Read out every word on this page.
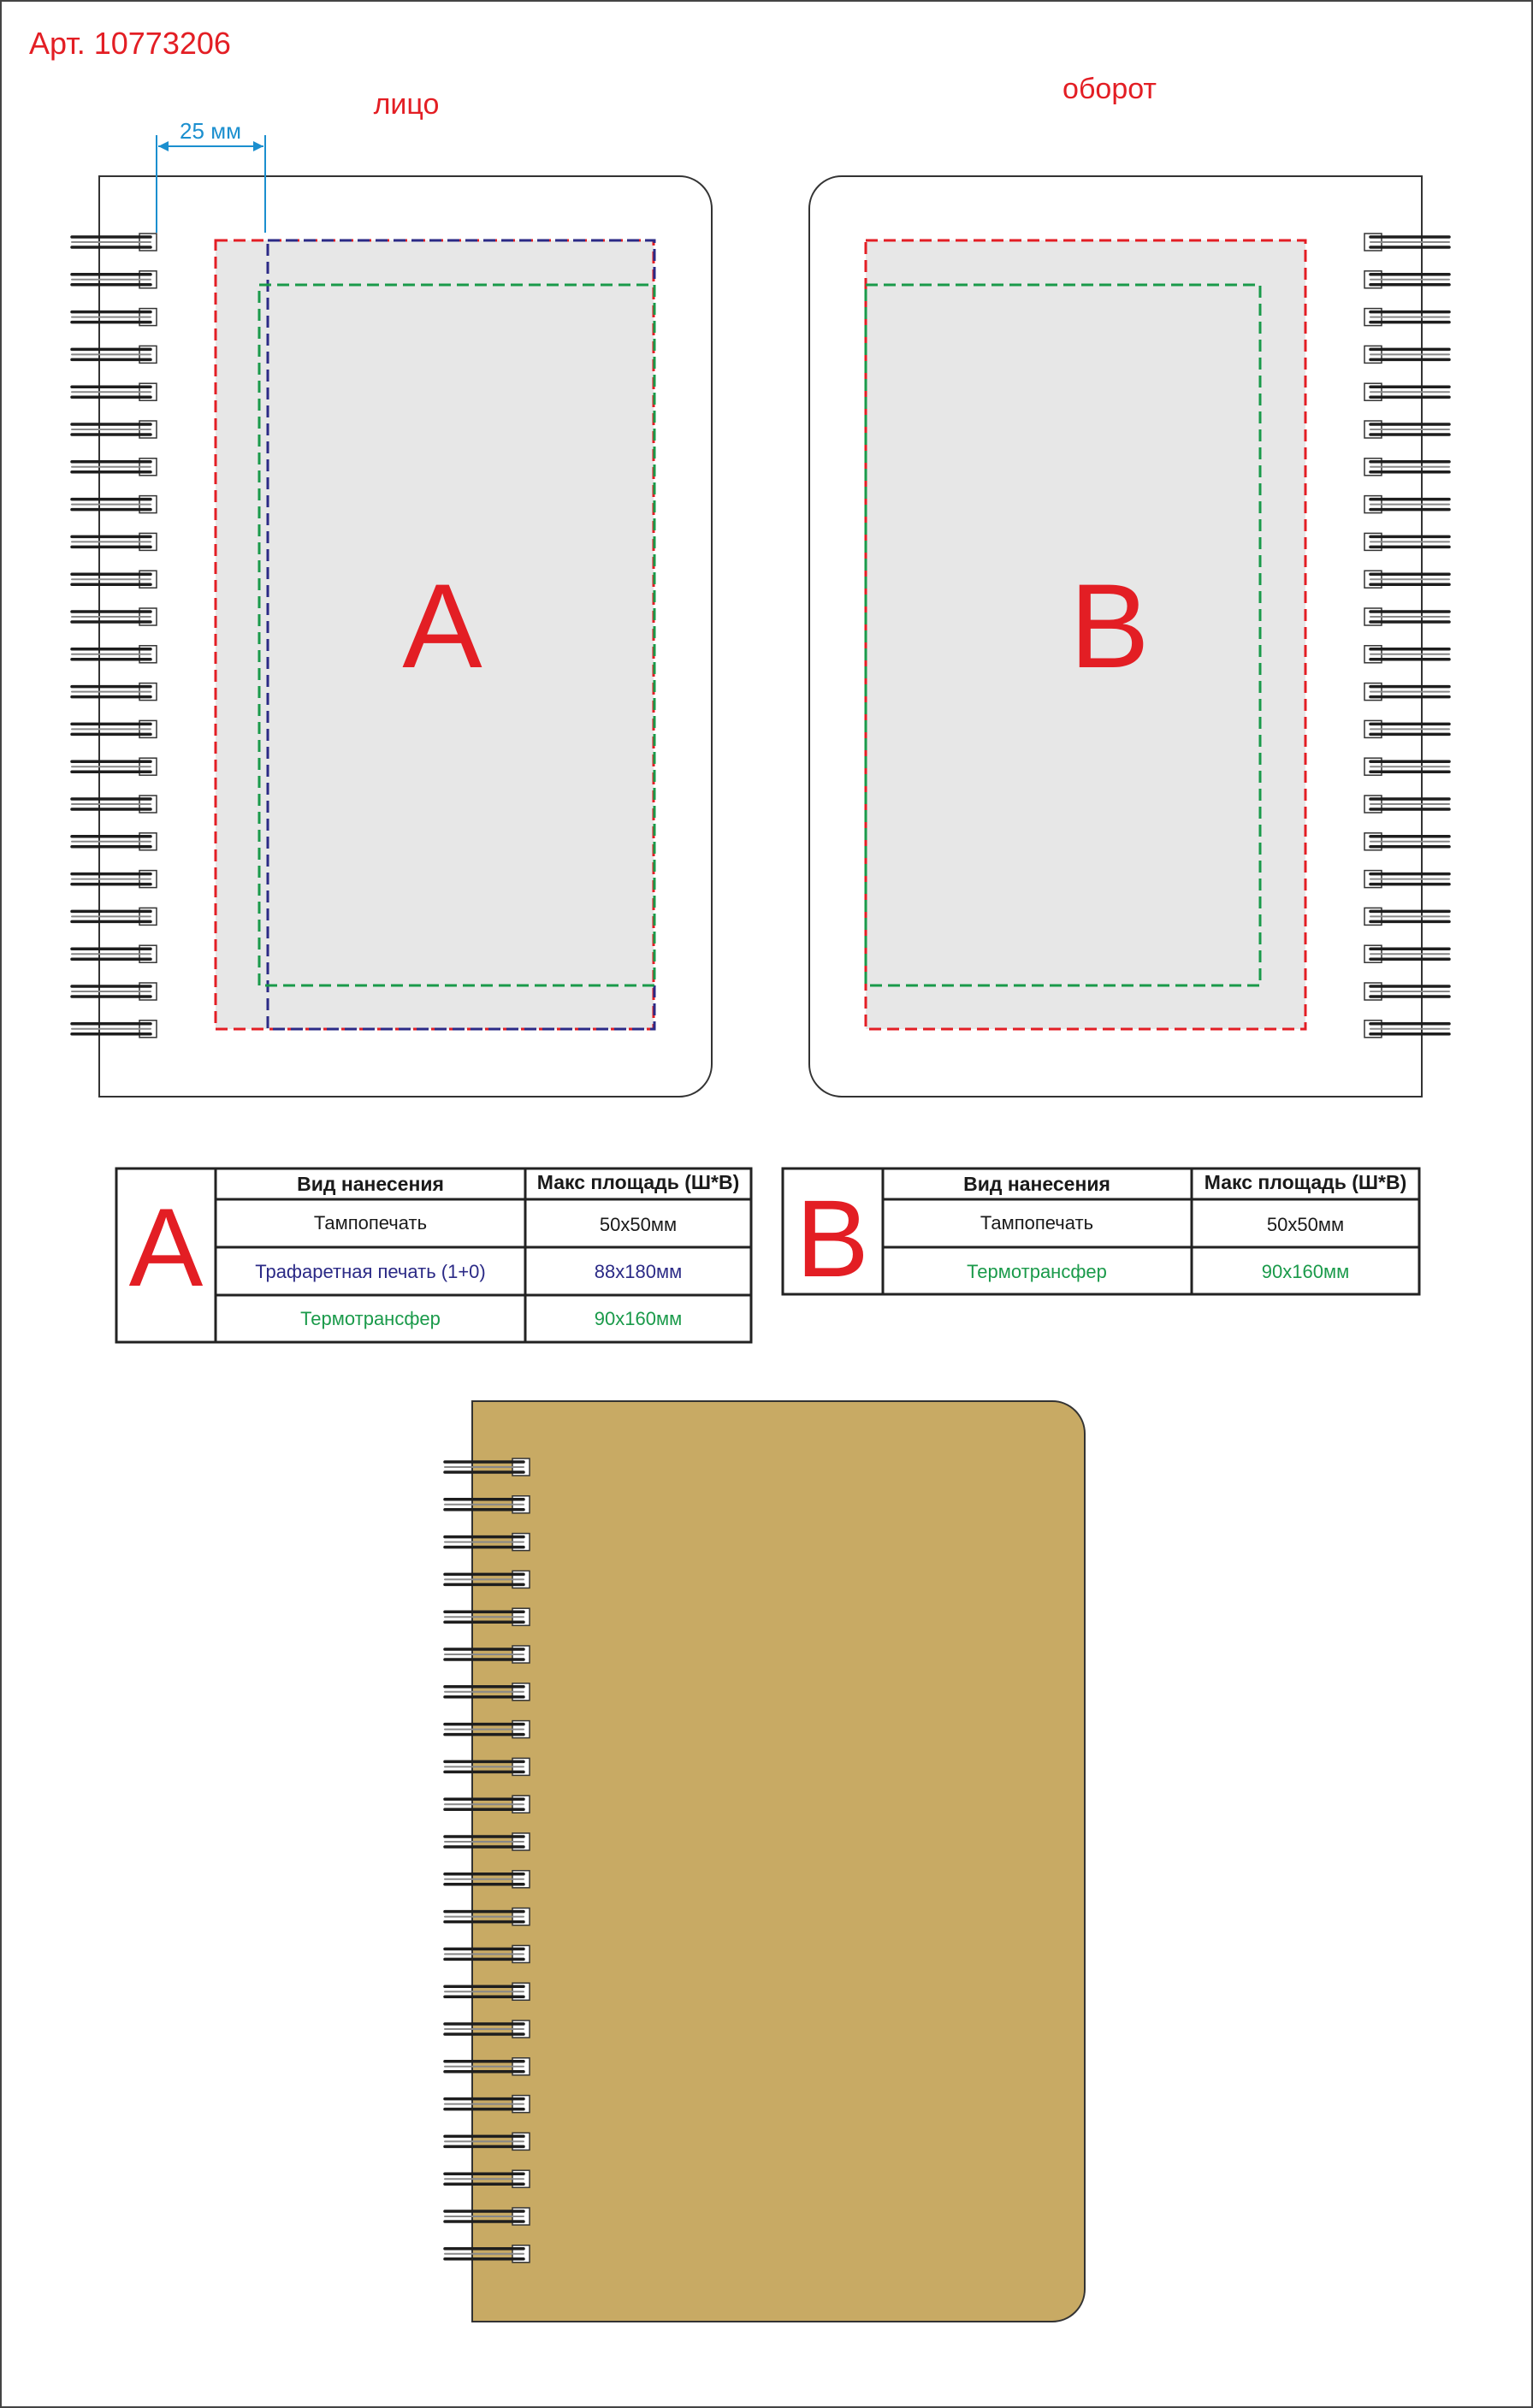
Арт. 10773206
лицо	оборот
A
25 мм
B
A
Вид нанесения	Макс площадь (Ш*В)
Тампопечать	50х50мм
Трафаретная печать (1+0)	88х180мм
Термотрансфер	90х160мм
B	Вид нанесения	Макс площадь (Ш*В)
Тампопечать	50х50мм
Термотрансфер	90х160мм
